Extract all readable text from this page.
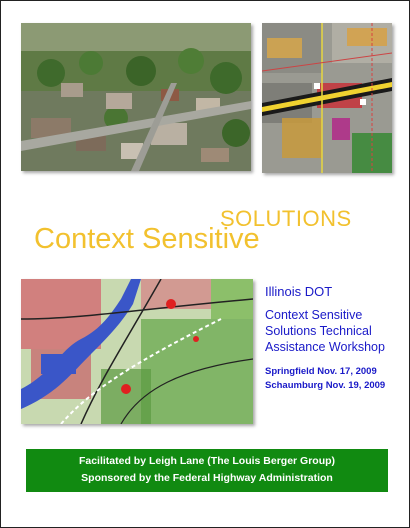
SOLUTIONS
Context Sensitive
Illinois DOT
Context Sensitive Solutions Technical Assistance Workshop
Springfield Nov. 17, 2009
Schaumburg Nov. 19, 2009
Facilitated by Leigh Lane (The Louis Berger Group)
Sponsored by the Federal Highway Administration
